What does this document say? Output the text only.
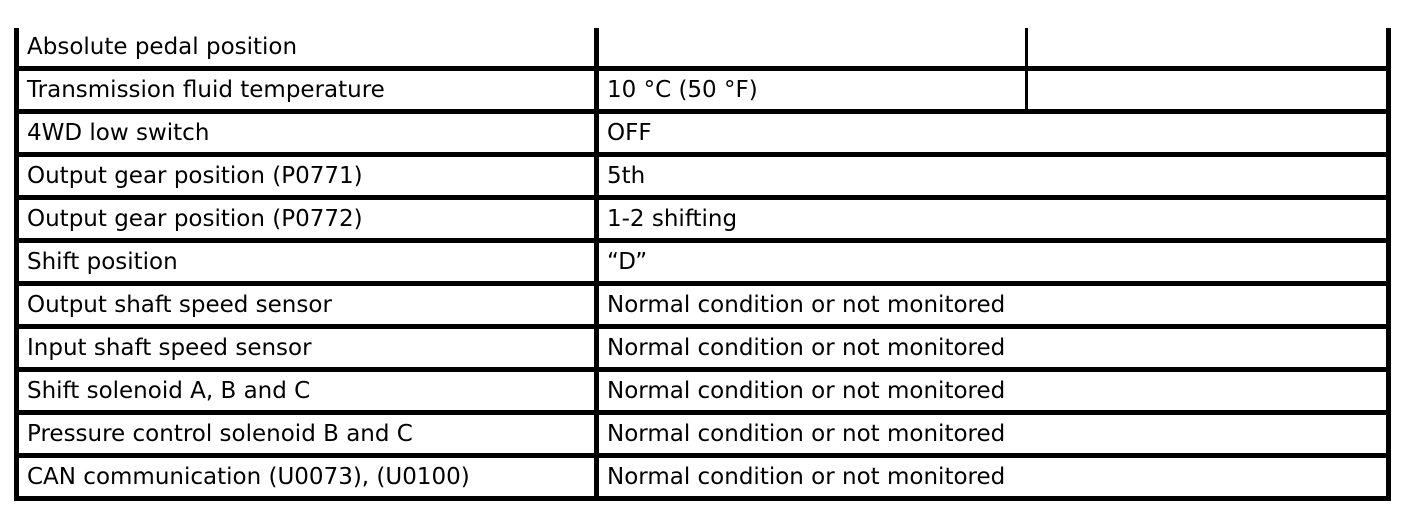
Absolute pedal position		
Transmission fluid temperature	10 °C (50 °F)	
4WD low switch	OFF	
Output gear position (P0771)	5th	
Output gear position (P0772)	1-2 shifting	
Shift position	“D”	
Output shaft speed sensor	Normal condition or not monitored	
Input shaft speed sensor	Normal condition or not monitored	
Shift solenoid A, B and C	Normal condition or not monitored	
Pressure control solenoid B and C	Normal condition or not monitored	
CAN communication (U0073), (U0100)	Normal condition or not monitored	
